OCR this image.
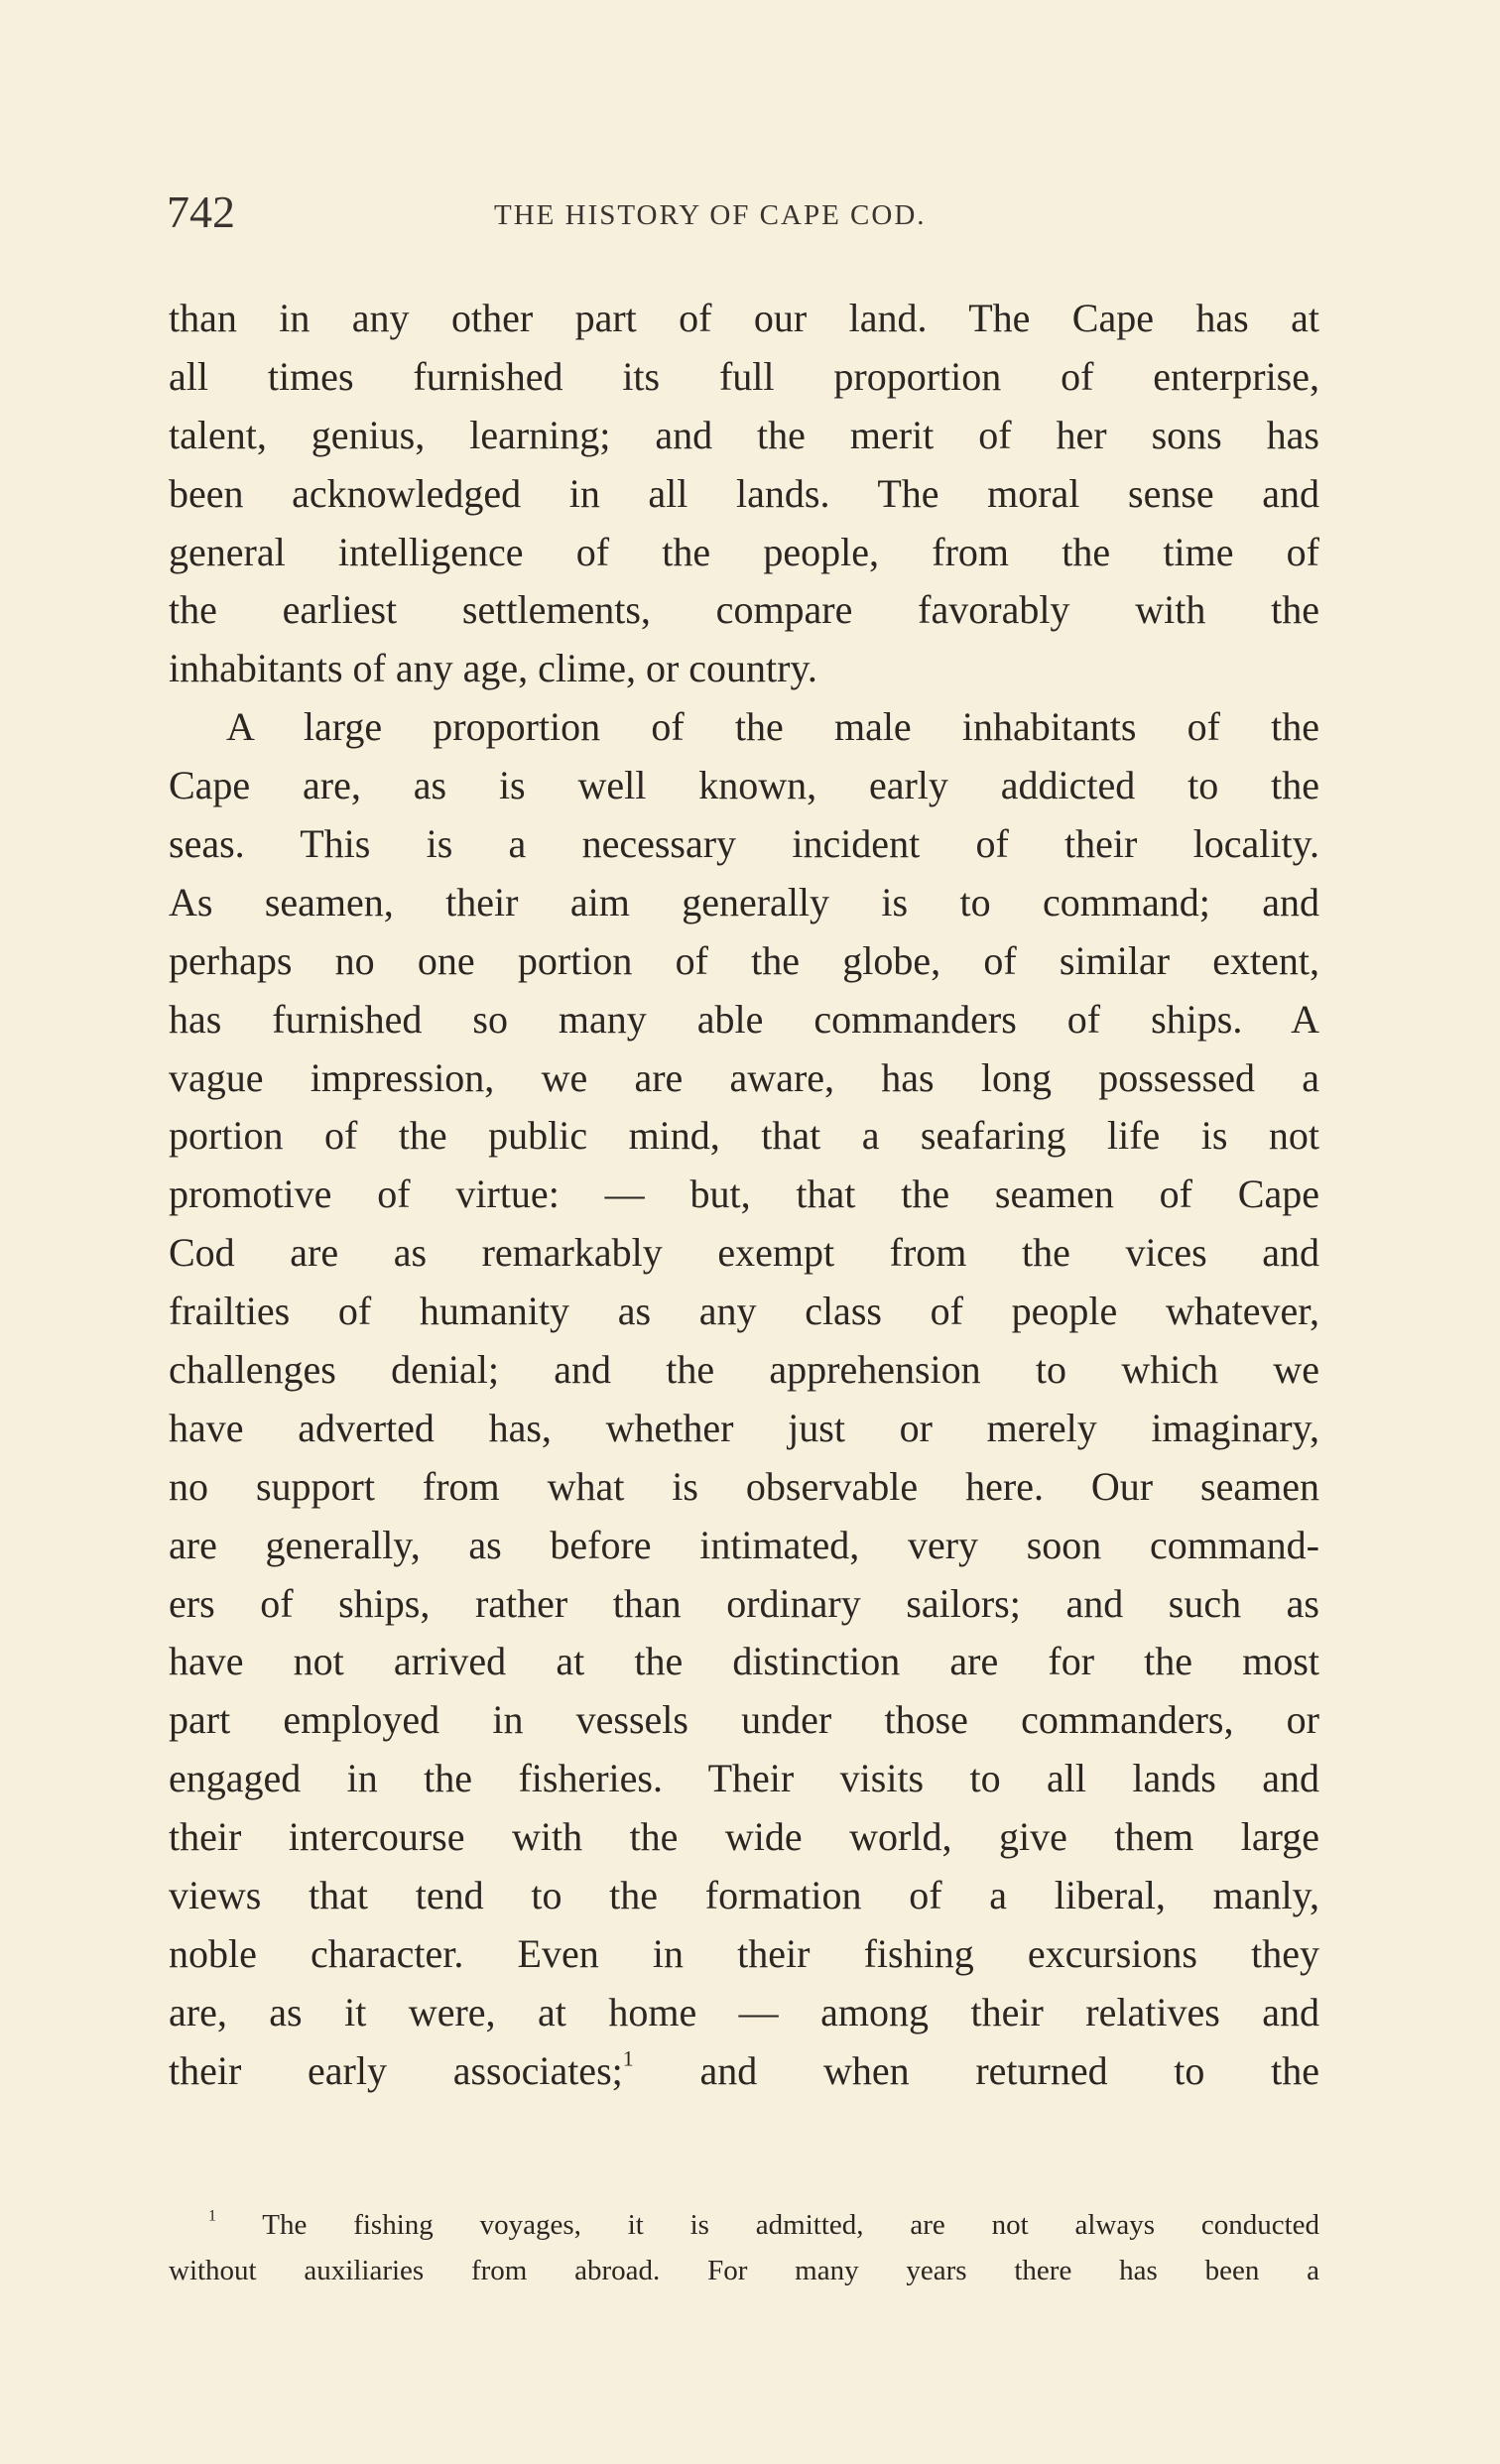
742	THE HISTORY OF CAPE COD.
than in any other part of our land. The Cape has at
all times furnished its full proportion of enterprise,
talent, genius, learning; and the merit of her sons has
been acknowledged in all lands. The moral sense and
general intelligence of the people, from the time of
the earliest settlements, compare favorably with the
inhabitants of any age, clime, or country.
A large proportion of the male inhabitants of the
Cape are, as is well known, early addicted to the
seas. This is a necessary incident of their locality.
As seamen, their aim generally is to command; and
perhaps no one portion of the globe, of similar extent,
has furnished so many able commanders of ships. A
vague impression, we are aware, has long possessed a
portion of the public mind, that a seafaring life is not
promotive of virtue: — but, that the seamen of Cape
Cod are as remarkably exempt from the vices and
frailties of humanity as any class of people whatever,
challenges denial; and the apprehension to which we
have adverted has, whether just or merely imaginary,
no support from what is observable here. Our seamen
are generally, as before intimated, very soon command-
ers of ships, rather than ordinary sailors; and such as
have not arrived at the distinction are for the most
part employed in vessels under those commanders, or
engaged in the fisheries. Their visits to all lands and
their intercourse with the wide world, give them large
views that tend to the formation of a liberal, manly,
noble character. Even in their fishing excursions they
are, as it were, at home — among their relatives and
their early associates;$^1$ and when returned to the
$^1$ The fishing voyages, it is admitted, are not always conducted
without auxiliaries from abroad. For many years there has been a
